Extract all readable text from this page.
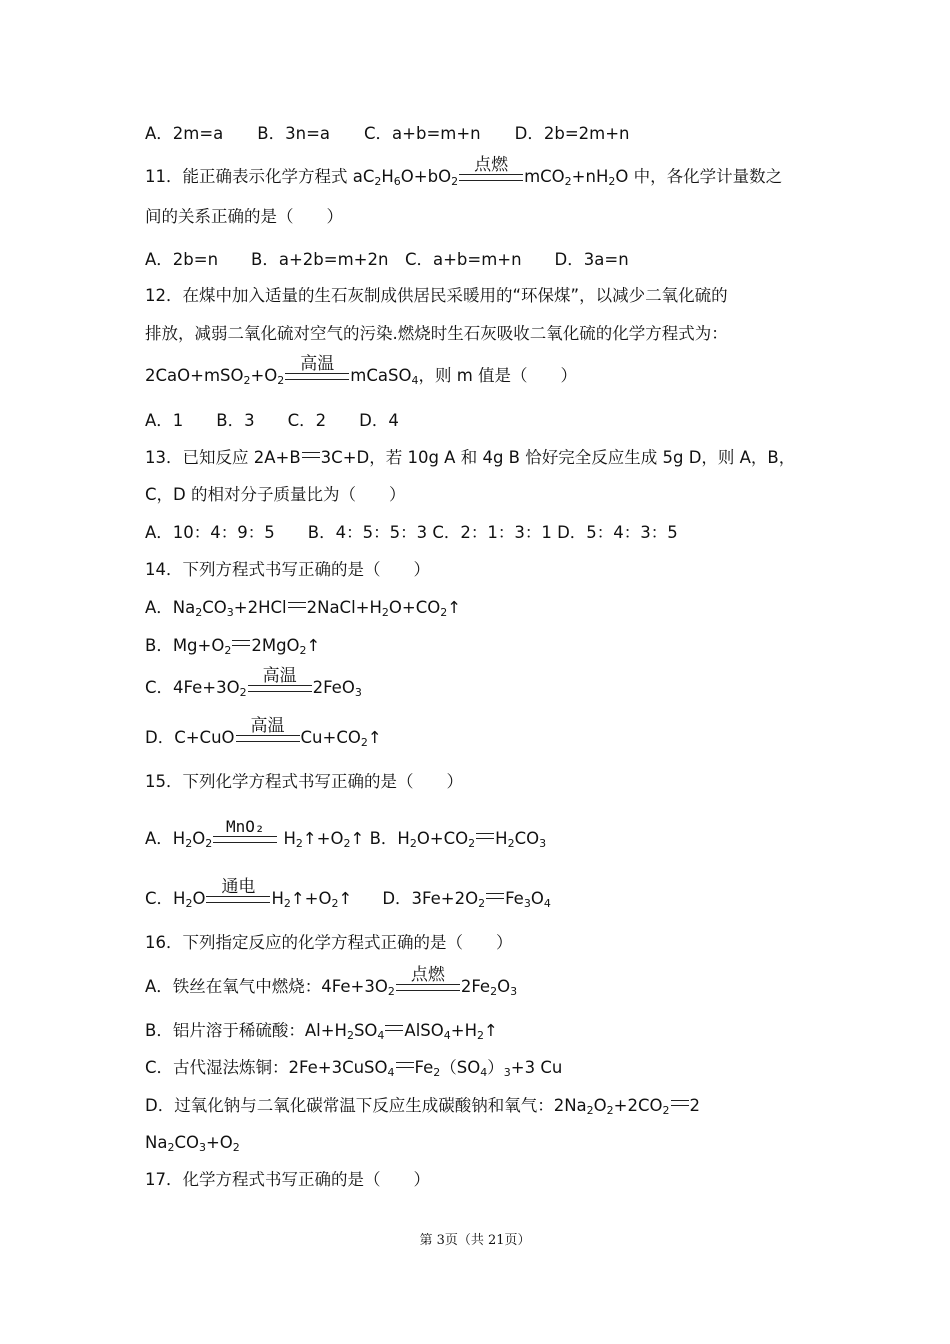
A．2m=a B．3n=a C．a+b=m+n D．2b=2m+n
11．能正确表示化学方程式 $aC_2H_6O+bO_2$
点燃
$mCO_2+nH_2O$ 中，各化学计量数之
间的关系正确的是（　　）
A．2b=n　　B．a+2b=m+2n　C．a+b=m+n　　D．3a=n
12．在煤中加入适量的生石灰制成供居民采暖用的“环保煤”，以减少二氧化硫的
排放，减弱二氧化硫对空气的污染.燃烧时生石灰吸收二氧化硫的化学方程式为：
$2CaO+mSO_2+O_2$
高温
mCaSO$_4$，则 m 值是（　　）
A．1　　B．3　　C．2　　D．4
13．已知反应 2A+B 3C+D，若 10g A 和 4g B 恰好完全反应生成 5g D，则 A，B，
C，D 的相对分子质量比为（　　）
A．10：4：9：5　　B．4：5：5：3 C．2：1：3：1 D．5：4：3：5
14．下列方程式书写正确的是（　　）
A．$Na_2CO_3+2HCl$ $2NaCl+H_2O+CO_2↑$
B．$Mg+O_2$ 2MgO$_2$↑
C．$4Fe+3O_2$
高温
2FeO$_3$
D．C+CuO
高温
$Cu+CO_2↑$
15．下列化学方程式书写正确的是（　　）
A．$H_2O_2$
MnO₂
$H_2↑+O_2↑$ B．$H_2O+CO_2$ $H_2CO_3$
C．$H_2O$
通电
$H_2↑+O_2↑$ D．$3Fe+2O_2$ $Fe_3O_4$
16．下列指定反应的化学方程式正确的是（　　）
A．铁丝在氧气中燃烧：$4Fe+3O_2$
点燃
$2Fe_2O_3$
B．铝片溶于稀硫酸：$Al+H_2SO_4$ $AlSO_4+H_2↑$
C．古代湿法炼铜：2Fe+3CuSO$_4$ $Fe_2(SO_4)_3+3$ Cu
D．过氧化钠与二氧化碳常温下反应生成碳酸钠和氧气：$2Na_2O_2+2CO_2$ 2
$Na_2CO_3+O_2$
17．化学方程式书写正确的是（　　）
第 3页（共 21页）
